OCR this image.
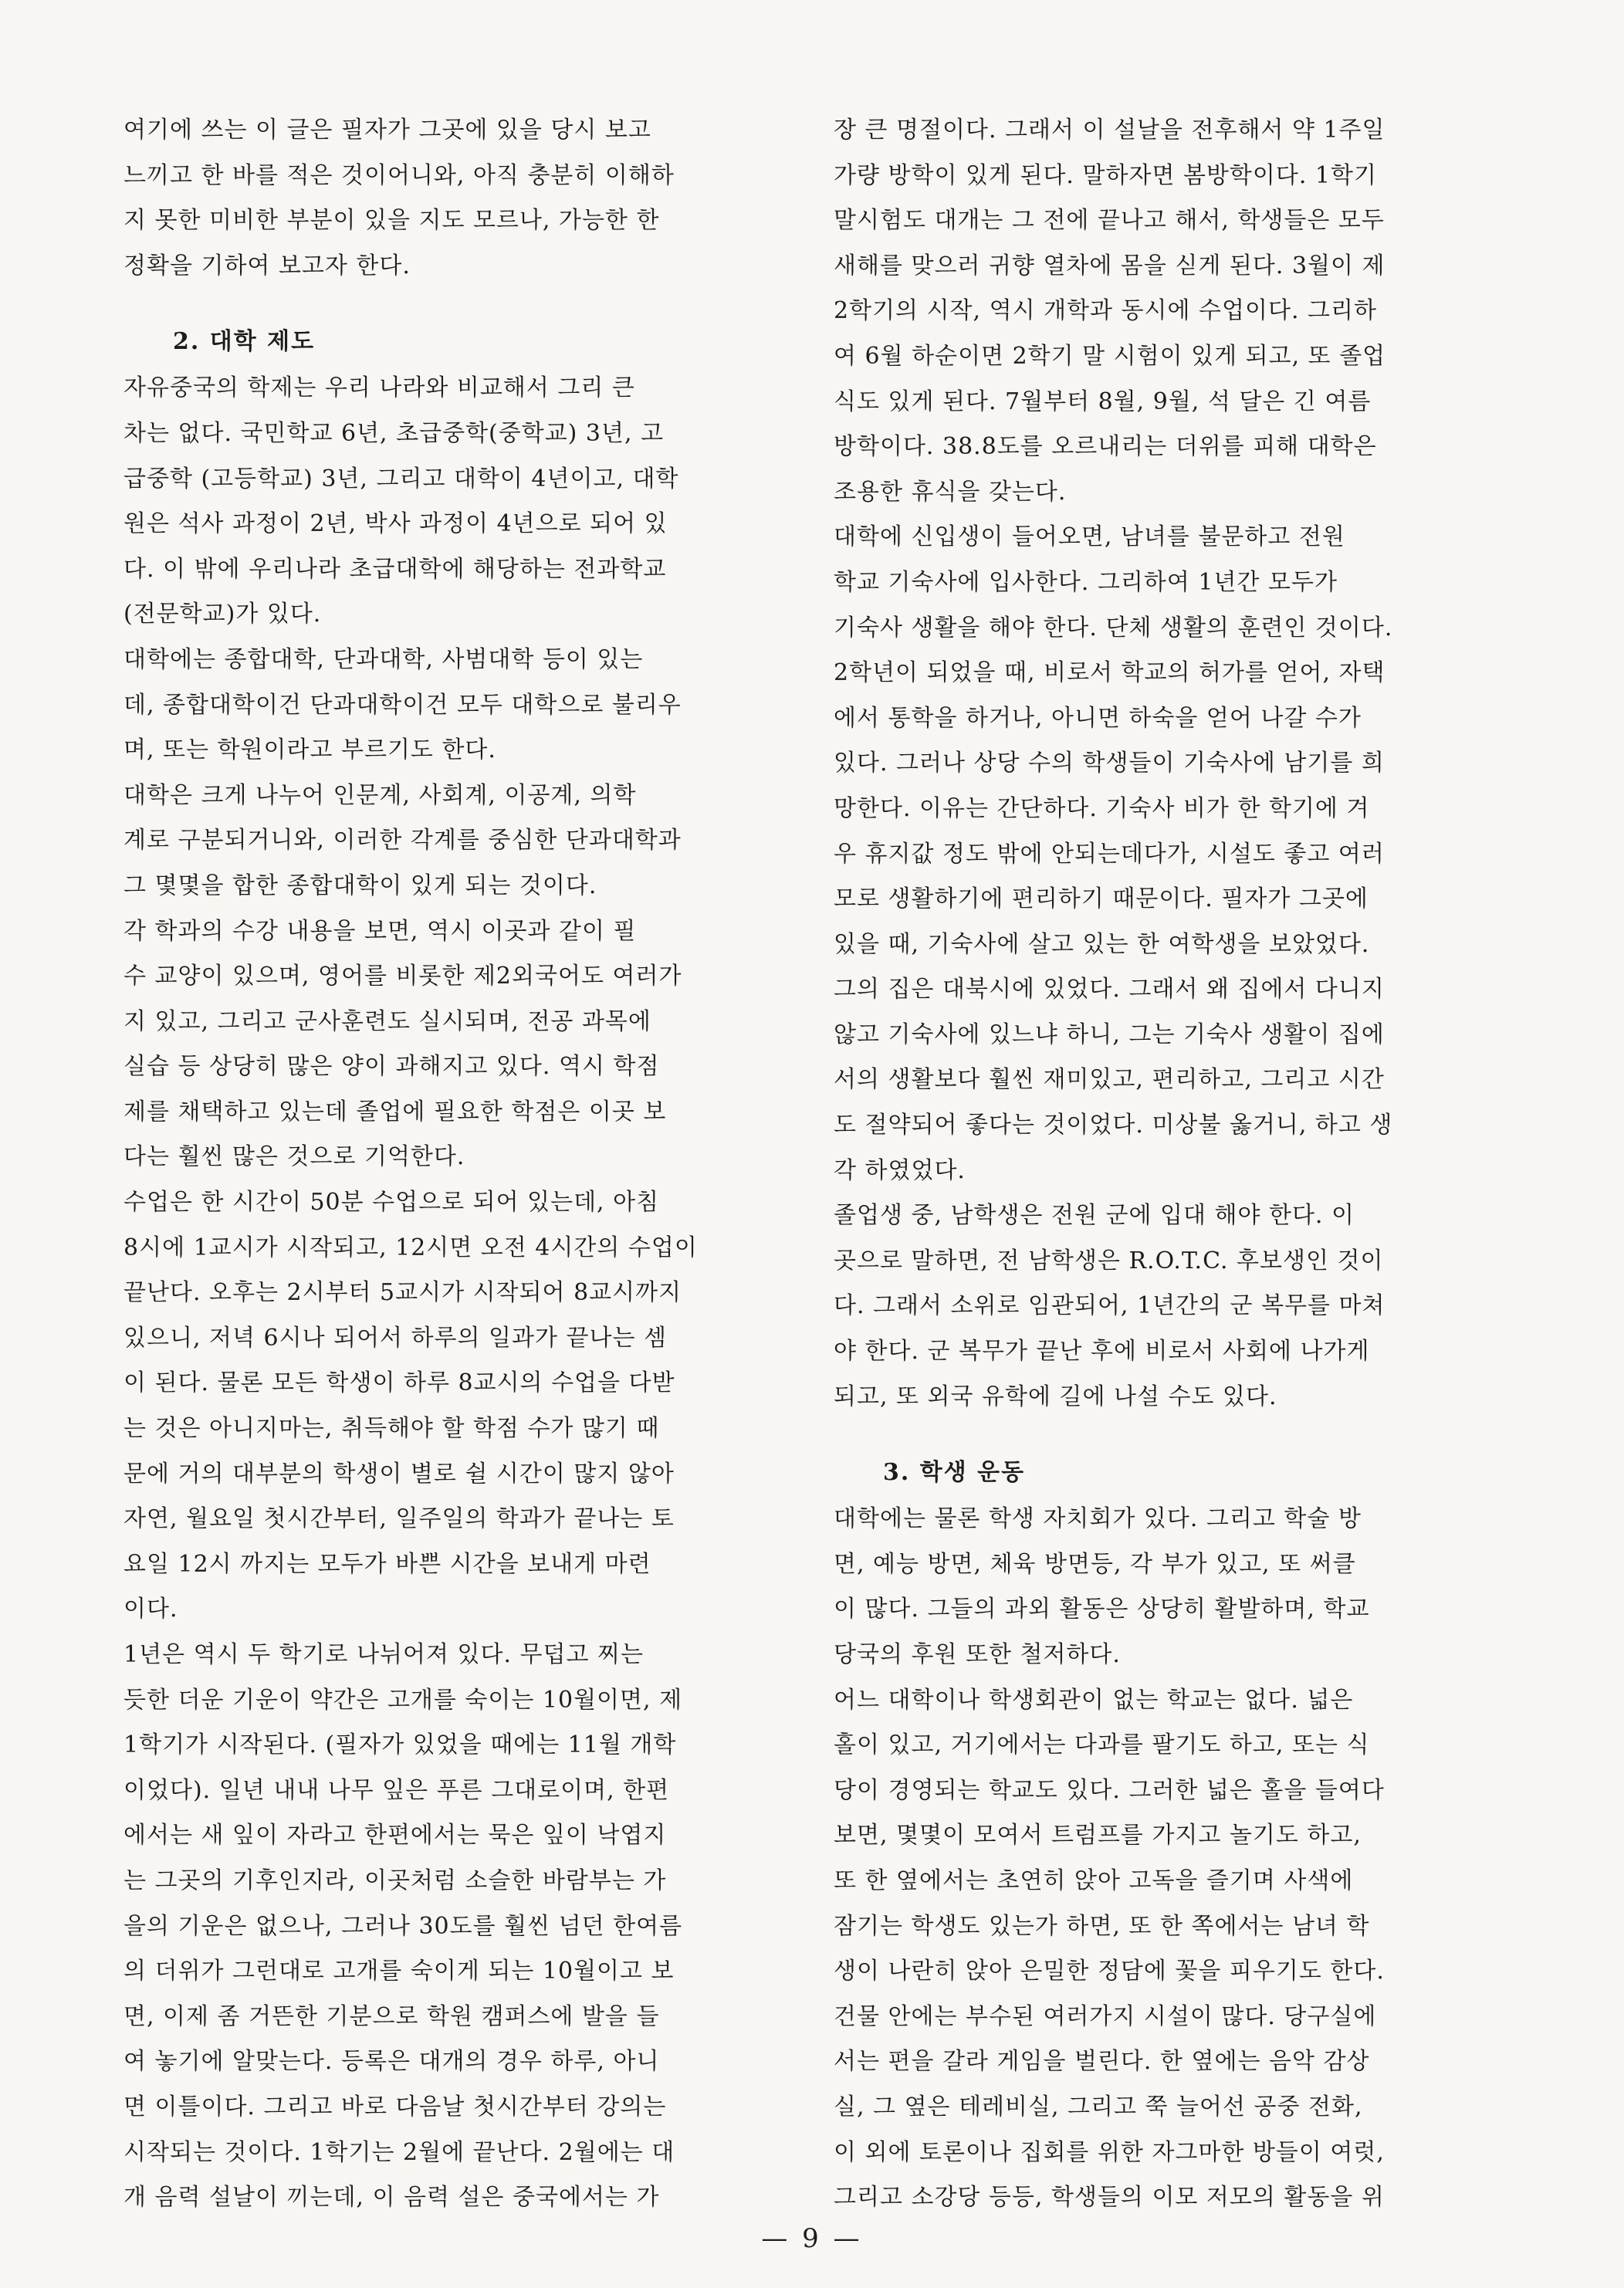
여기에 쓰는 이 글은 필자가 그곳에 있을 당시 보고
느끼고 한 바를 적은 것이어니와, 아직 충분히 이해하
지 못한 미비한 부분이 있을 지도 모르나, 가능한 한
정확을 기하여 보고자 한다.
2. 대학 제도
자유중국의 학제는 우리 나라와 비교해서 그리 큰
차는 없다. 국민학교 6년, 초급중학(중학교) 3년, 고
급중학 (고등학교) 3년, 그리고 대학이 4년이고, 대학
원은 석사 과정이 2년, 박사 과정이 4년으로 되어 있
다. 이 밖에 우리나라 초급대학에 해당하는 전과학교
(전문학교)가 있다.
대학에는 종합대학, 단과대학, 사범대학 등이 있는
데, 종합대학이건 단과대학이건 모두 대학으로 불리우
며, 또는 학원이라고 부르기도 한다.
대학은 크게 나누어 인문계, 사회계, 이공계, 의학
계로 구분되거니와, 이러한 각계를 중심한 단과대학과
그 몇몇을 합한 종합대학이 있게 되는 것이다.
각 학과의 수강 내용을 보면, 역시 이곳과 같이 필
수 교양이 있으며, 영어를 비롯한 제2외국어도 여러가
지 있고, 그리고 군사훈련도 실시되며, 전공 과목에
실습 등 상당히 많은 양이 과해지고 있다. 역시 학점
제를 채택하고 있는데 졸업에 필요한 학점은 이곳 보
다는 훨씬 많은 것으로 기억한다.
수업은 한 시간이 50분 수업으로 되어 있는데, 아침
8시에 1교시가 시작되고, 12시면 오전 4시간의 수업이
끝난다. 오후는 2시부터 5교시가 시작되어 8교시까지
있으니, 저녁 6시나 되어서 하루의 일과가 끝나는 셈
이 된다. 물론 모든 학생이 하루 8교시의 수업을 다받
는 것은 아니지마는, 취득해야 할 학점 수가 많기 때
문에 거의 대부분의 학생이 별로 쉴 시간이 많지 않아
자연, 월요일 첫시간부터, 일주일의 학과가 끝나는 토
요일 12시 까지는 모두가 바쁜 시간을 보내게 마련
이다.
1년은 역시 두 학기로 나뉘어져 있다. 무덥고 찌는
듯한 더운 기운이 약간은 고개를 숙이는 10월이면, 제
1학기가 시작된다. (필자가 있었을 때에는 11월 개학
이었다). 일년 내내 나무 잎은 푸른 그대로이며, 한편
에서는 새 잎이 자라고 한편에서는 묵은 잎이 낙엽지
는 그곳의 기후인지라, 이곳처럼 소슬한 바람부는 가
을의 기운은 없으나, 그러나 30도를 훨씬 넘던 한여름
의 더위가 그런대로 고개를 숙이게 되는 10월이고 보
면, 이제 좀 거뜬한 기분으로 학원 캠퍼스에 발을 들
여 놓기에 알맞는다. 등록은 대개의 경우 하루, 아니
면 이틀이다. 그리고 바로 다음날 첫시간부터 강의는
시작되는 것이다. 1학기는 2월에 끝난다. 2월에는 대
개 음력 설날이 끼는데, 이 음력 설은 중국에서는 가
장 큰 명절이다. 그래서 이 설날을 전후해서 약 1주일
가량 방학이 있게 된다. 말하자면 봄방학이다. 1학기
말시험도 대개는 그 전에 끝나고 해서, 학생들은 모두
새해를 맞으러 귀향 열차에 몸을 싣게 된다. 3월이 제
2학기의 시작, 역시 개학과 동시에 수업이다. 그리하
여 6월 하순이면 2학기 말 시험이 있게 되고, 또 졸업
식도 있게 된다. 7월부터 8월, 9월, 석 달은 긴 여름
방학이다. 38.8도를 오르내리는 더위를 피해 대학은
조용한 휴식을 갖는다.
대학에 신입생이 들어오면, 남녀를 불문하고 전원
학교 기숙사에 입사한다. 그리하여 1년간 모두가
기숙사 생활을 해야 한다. 단체 생활의 훈련인 것이다.
2학년이 되었을 때, 비로서 학교의 허가를 얻어, 자택
에서 통학을 하거나, 아니면 하숙을 얻어 나갈 수가
있다. 그러나 상당 수의 학생들이 기숙사에 남기를 희
망한다. 이유는 간단하다. 기숙사 비가 한 학기에 겨
우 휴지값 정도 밖에 안되는데다가, 시설도 좋고 여러
모로 생활하기에 편리하기 때문이다. 필자가 그곳에
있을 때, 기숙사에 살고 있는 한 여학생을 보았었다.
그의 집은 대북시에 있었다. 그래서 왜 집에서 다니지
않고 기숙사에 있느냐 하니, 그는 기숙사 생활이 집에
서의 생활보다 훨씬 재미있고, 편리하고, 그리고 시간
도 절약되어 좋다는 것이었다. 미상불 옳거니, 하고 생
각 하였었다.
졸업생 중, 남학생은 전원 군에 입대 해야 한다. 이
곳으로 말하면, 전 남학생은 R.O.T.C. 후보생인 것이
다. 그래서 소위로 임관되어, 1년간의 군 복무를 마쳐
야 한다. 군 복무가 끝난 후에 비로서 사회에 나가게
되고, 또 외국 유학에 길에 나설 수도 있다.
3. 학생 운동
대학에는 물론 학생 자치회가 있다. 그리고 학술 방
면, 예능 방면, 체육 방면등, 각 부가 있고, 또 써클
이 많다. 그들의 과외 활동은 상당히 활발하며, 학교
당국의 후원 또한 철저하다.
어느 대학이나 학생회관이 없는 학교는 없다. 넓은
홀이 있고, 거기에서는 다과를 팔기도 하고, 또는 식
당이 경영되는 학교도 있다. 그러한 넓은 홀을 들여다
보면, 몇몇이 모여서 트럼프를 가지고 놀기도 하고,
또 한 옆에서는 초연히 앉아 고독을 즐기며 사색에
잠기는 학생도 있는가 하면, 또 한 쪽에서는 남녀 학
생이 나란히 앉아 은밀한 정담에 꽃을 피우기도 한다.
건물 안에는 부수된 여러가지 시설이 많다. 당구실에
서는 편을 갈라 게임을 벌린다. 한 옆에는 음악 감상
실, 그 옆은 테레비실, 그리고 쭉 늘어선 공중 전화,
이 외에 토론이나 집회를 위한 자그마한 방들이 여럿,
그리고 소강당 등등, 학생들의 이모 저모의 활동을 위
— 9 —
